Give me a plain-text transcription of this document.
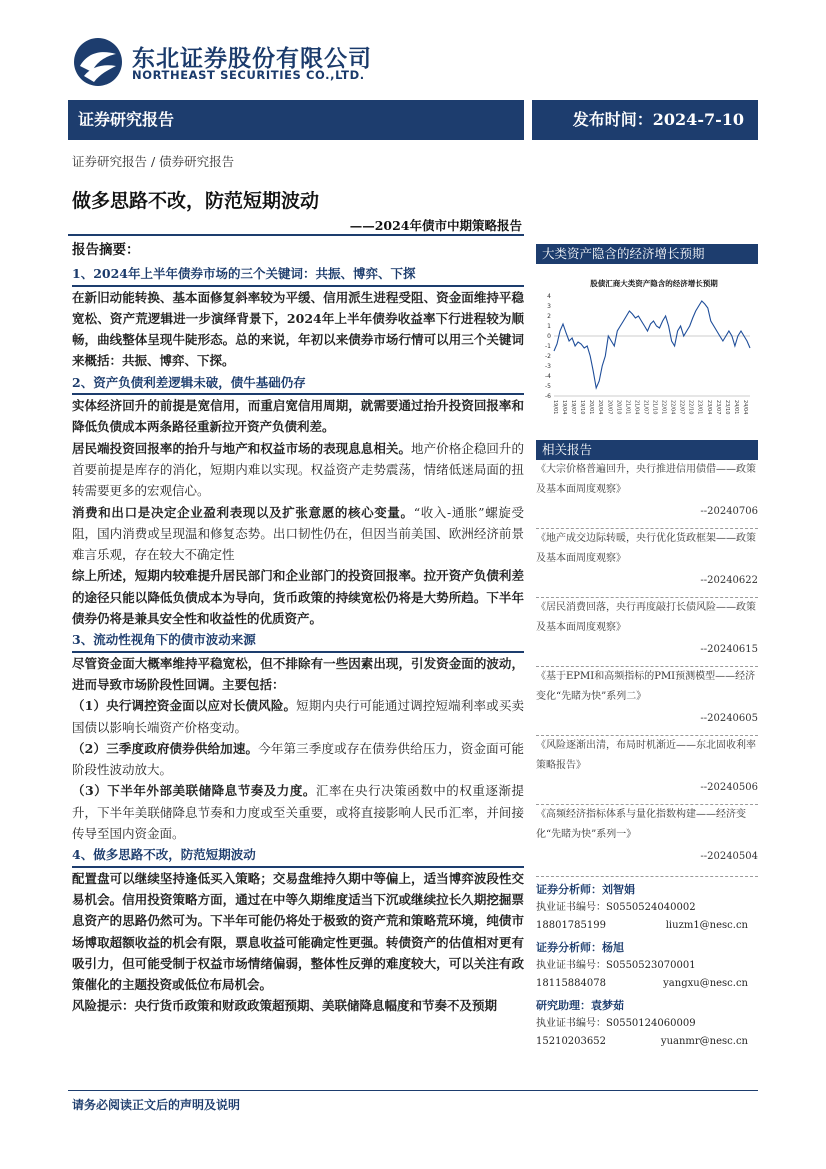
东北证券股份有限公司
NORTHEAST SECURITIES CO.,LTD.
证券研究报告	发布时间：2024-7-10
证券研究报告 / 债券研究报告
做多思路不改，防范短期波动
——2024年债市中期策略报告

报告摘要：

1、2024年上半年债券市场的三个关键词：共振、博弈、下探

在新旧动能转换、基本面修复斜率较为平缓、信用派生进程受阻、资金面维持平稳宽松、资产荒逻辑进一步演绎背景下，2024年上半年债券收益率下行进程较为顺畅，曲线整体呈现牛陡形态。总的来说，年初以来债券市场行情可以用三个关键词来概括：共振、博弈、下探。

2、资产负债利差逻辑未破，债牛基础仍存

实体经济回升的前提是宽信用，而重启宽信用周期，就需要通过抬升投资回报率和降低负债成本两条路径重新拉开资产负债利差。

居民端投资回报率的抬升与地产和权益市场的表现息息相关。地产价格企稳回升的首要前提是库存的消化，短期内难以实现。权益资产走势震荡，情绪低迷局面的扭转需要更多的宏观信心。

消费和出口是决定企业盈利表现以及扩张意愿的核心变量。“收入-通胀”螺旋受阻，国内消费或呈现温和修复态势。出口韧性仍在，但因当前美国、欧洲经济前景难言乐观，存在较大不确定性

综上所述，短期内较难提升居民部门和企业部门的投资回报率。拉开资产负债利差的途径只能以降低负债成本为导向，货币政策的持续宽松仍将是大势所趋。下半年债券仍将是兼具安全性和收益性的优质资产。

3、流动性视角下的债市波动来源

尽管资金面大概率维持平稳宽松，但不排除有一些因素出现，引发资金面的波动，进而导致市场阶段性回调。主要包括：

（1）央行调控资金面以应对长债风险。短期内央行可能通过调控短端利率或买卖国债以影响长端资产价格变动。

（2）三季度政府债券供给加速。今年第三季度或存在债券供给压力，资金面可能阶段性波动放大。

（3）下半年外部美联储降息节奏及力度。汇率在央行决策函数中的权重逐渐提升，下半年美联储降息节奏和力度或至关重要，或将直接影响人民币汇率，并间接传导至国内资金面。

4、做多思路不改，防范短期波动

配置盘可以继续坚持逢低买入策略；交易盘维持久期中等偏上，适当博弈波段性交易机会。信用投资策略方面，通过在中等久期维度适当下沉或继续拉长久期挖掘票息资产的思路仍然可为。下半年可能仍将处于极致的资产荒和策略荒环境，纯债市场博取超额收益的机会有限，票息收益可能确定性更强。转债资产的估值相对更有吸引力，但可能受制于权益市场情绪偏弱，整体性反弹的难度较大，可以关注有政策催化的主题投资或低位布局机会。

风险提示：央行货币政策和财政政策超预期、美联储降息幅度和节奏不及预期

大类资产隐含的经济增长预期
股债汇商大类资产隐含的经济增长预期
4
3
2
1
0
-1
-2
-3
-4
-5
-6
19/01 19/04 19/07 19/10 20/01 20/04 20/07 20/10 21/01 21/04 21/07 21/10 22/01 22/04 22/07 22/10 23/01 23/04 23/07 23/10 24/01 24/04
相关报告

《大宗价格普遍回升，央行推进信用债借——政策及基本面周度观察》

--20240706

《地产成交边际转暖，央行优化货政框架——政策及基本面周度观察》

--20240622

《居民消费回落，央行再度敲打长债风险——政策及基本面周度观察》

--20240615

《基于EPMI和高频指标的PMI预测模型——经济变化“先睹为快”系列二》

--20240605

《风险逐渐出清，布局时机渐近——东北固收利率策略报告》

--20240506

《高频经济指标体系与量化指数构建——经济变化“先睹为快”系列一》

--20240504

证券分析师：刘智娟
执业证书编号：S0550524040002
18801785199	liuzm1@nesc.cn
证券分析师：杨旭
执业证书编号：S0550523070001
18115884078	yangxu@nesc.cn
研究助理：袁梦茹
执业证书编号：S0550124060009
15210203652	yuanmr@nesc.cn
请务必阅读正文后的声明及说明
